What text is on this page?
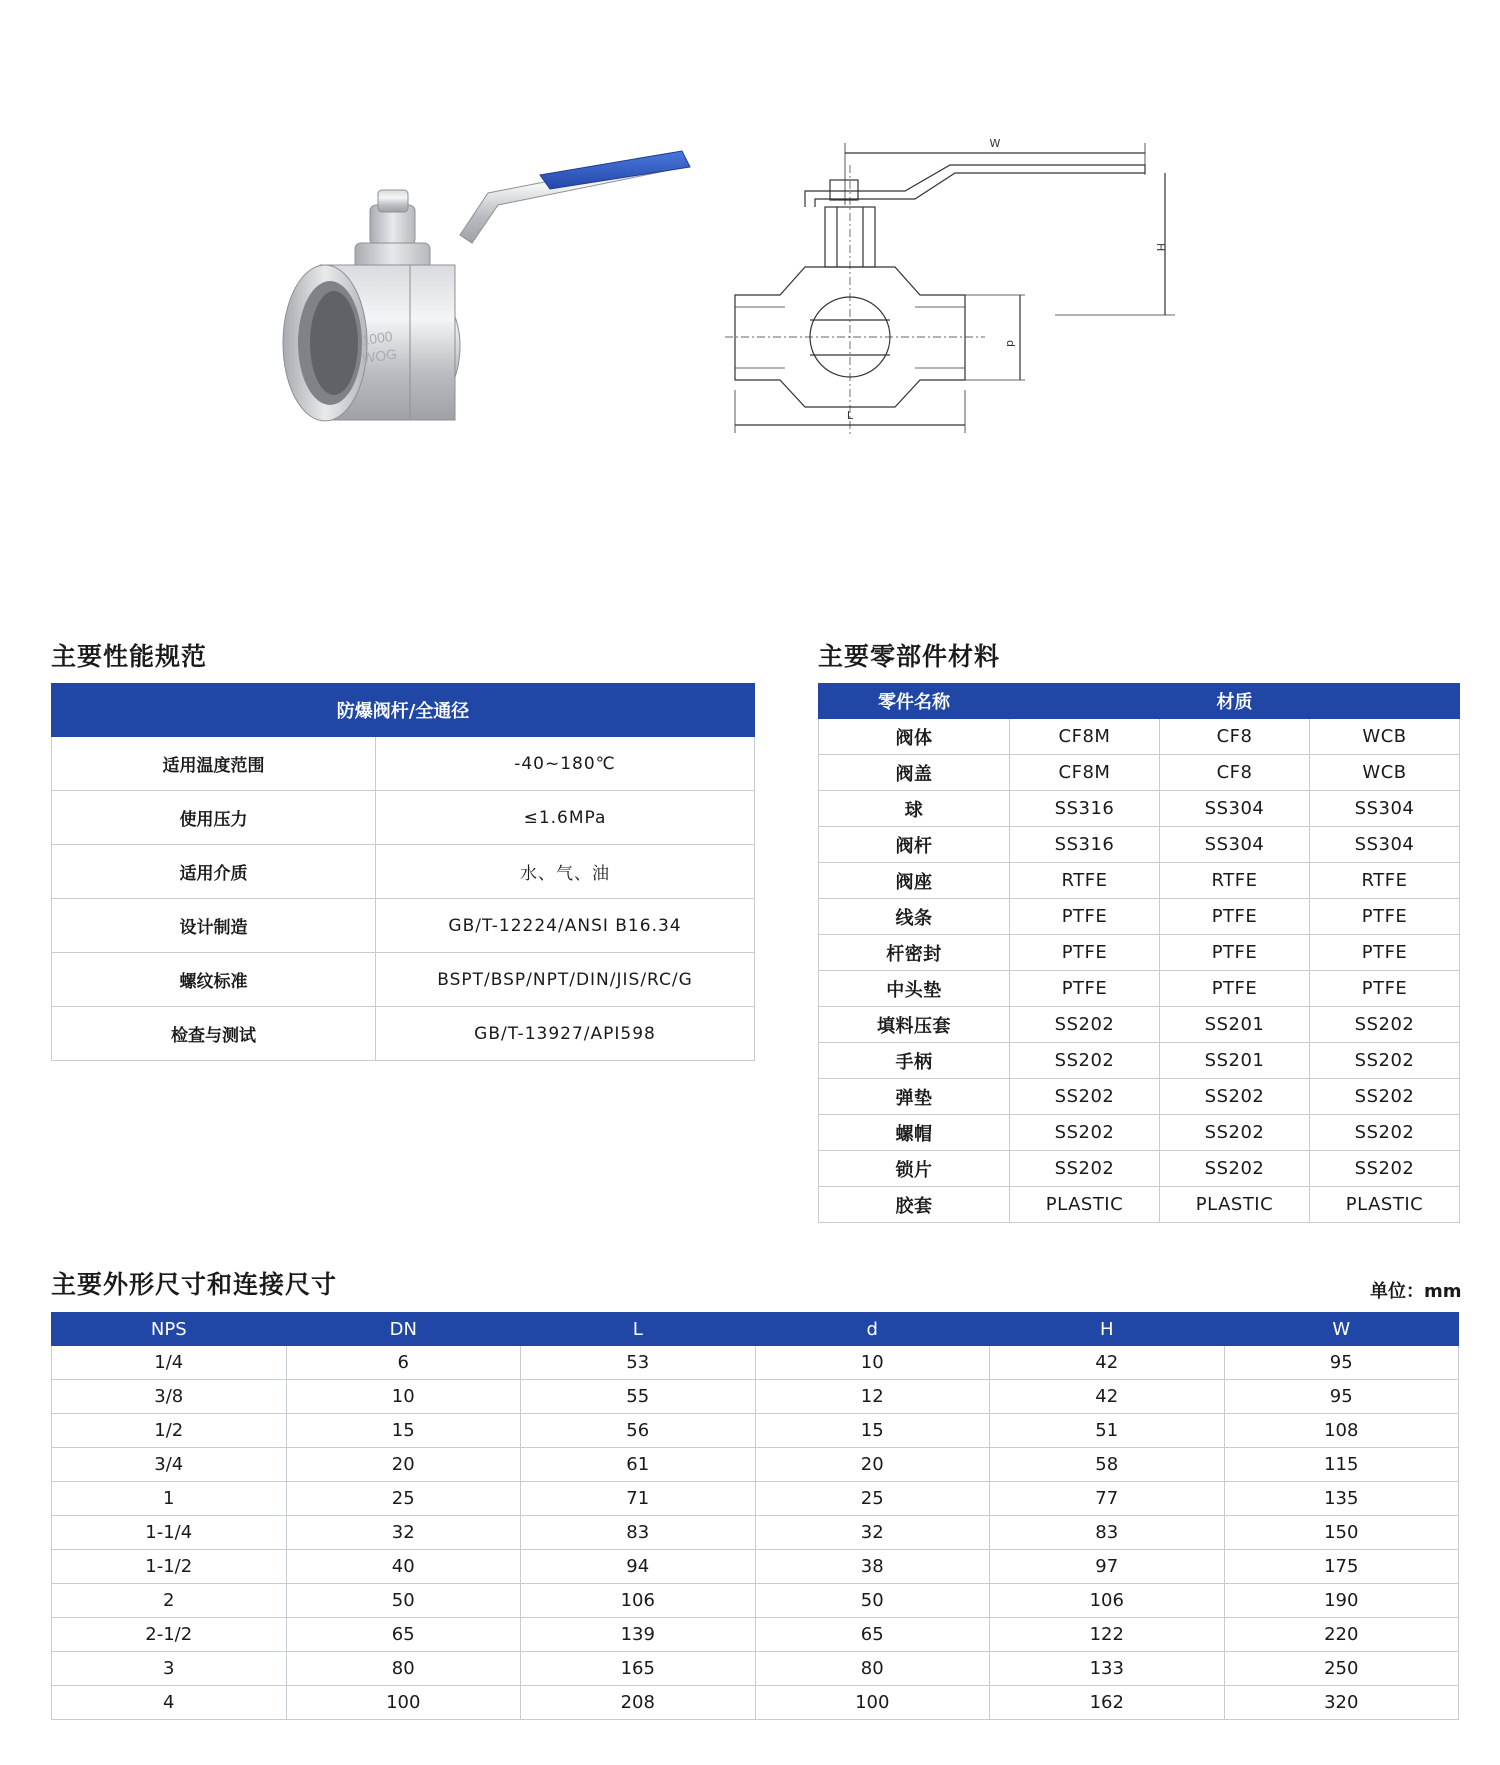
1000
WOG
W
H
d
L
主要性能规范	主要零部件材料
主要外形尺寸和连接尺寸	单位：mm
防爆阀杆/全通径	
适用温度范围	-40~180℃
使用压力	≤1.6MPa
适用介质	水、气、油
设计制造	GB/T-12224/ANSI B16.34
螺纹标准	BSPT/BSP/NPT/DIN/JIS/RC/G
检查与测试	GB/T-13927/API598
零件名称	材质		
阀体	CF8M	CF8	WCB
阀盖	CF8M	CF8	WCB
球	SS316	SS304	SS304
阀杆	SS316	SS304	SS304
阀座	RTFE	RTFE	RTFE
线条	PTFE	PTFE	PTFE
杆密封	PTFE	PTFE	PTFE
中头垫	PTFE	PTFE	PTFE
填料压套	SS202	SS201	SS202
手柄	SS202	SS201	SS202
弹垫	SS202	SS202	SS202
螺帽	SS202	SS202	SS202
锁片	SS202	SS202	SS202
胶套	PLASTIC	PLASTIC	PLASTIC
NPS	DN	L	d	H	W
1/4	6	53	10	42	95
3/8	10	55	12	42	95
1/2	15	56	15	51	108
3/4	20	61	20	58	115
1	25	71	25	77	135
1-1/4	32	83	32	83	150
1-1/2	40	94	38	97	175
2	50	106	50	106	190
2-1/2	65	139	65	122	220
3	80	165	80	133	250
4	100	208	100	162	320
